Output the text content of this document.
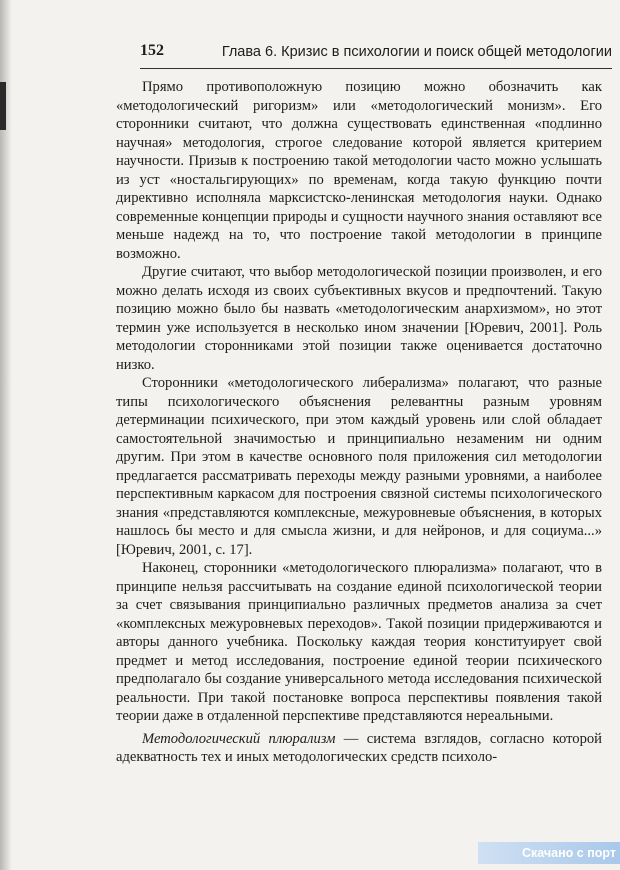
152	Глава 6. Кризис в психологии и поиск общей методологии

Прямо противоположную позицию можно обозначить как «методологический ригоризм» или «методологический монизм». Его сторонники считают, что должна существовать единственная «подлинно научная» методология, строгое следование которой является критерием научности. Призыв к построению такой методологии часто можно услышать из уст «ностальгирующих» по временам, когда такую функцию почти директивно исполняла марксистско-ленинская методология науки. Однако современные концепции природы и сущности научного знания оставляют все меньше надежд на то, что построение такой методологии в принципе возможно.

Другие считают, что выбор методологической позиции произволен, и его можно делать исходя из своих субъективных вкусов и предпочтений. Такую позицию можно было бы назвать «методологическим анархизмом», но этот термин уже используется в несколько ином значении [Юревич, 2001]. Роль методологии сторонниками этой позиции также оценивается достаточно низко.

Сторонники «методологического либерализма» полагают, что разные типы психологического объяснения релевантны разным уровням детерминации психического, при этом каждый уровень или слой обладает самостоятельной значимостью и принципиально незаменим ни одним другим. При этом в качестве основного поля приложения сил методологии предлагается рассматривать переходы между разными уровнями, а наиболее перспективным каркасом для построения связной системы психологического знания «представляются комплексные, межуровневые объяснения, в которых нашлось бы место и для смысла жизни, и для нейронов, и для социума...» [Юревич, 2001, с. 17].

Наконец, сторонники «методологического плюрализма» полагают, что в принципе нельзя рассчитывать на создание единой психологической теории за счет связывания принципиально различных предметов анализа за счет «комплексных межуровневых переходов». Такой позиции придерживаются и авторы данного учебника. Поскольку каждая теория конституирует свой предмет и метод исследования, построение единой теории психического предполагало бы создание универсального метода исследования психической реальности. При такой постановке вопроса перспективы появления такой теории даже в отдаленной перспективе представляются нереальными.

Методологический плюрализм — система взглядов, согласно которой адекватность тех и иных методологических средств психоло-

Скачано с порт
